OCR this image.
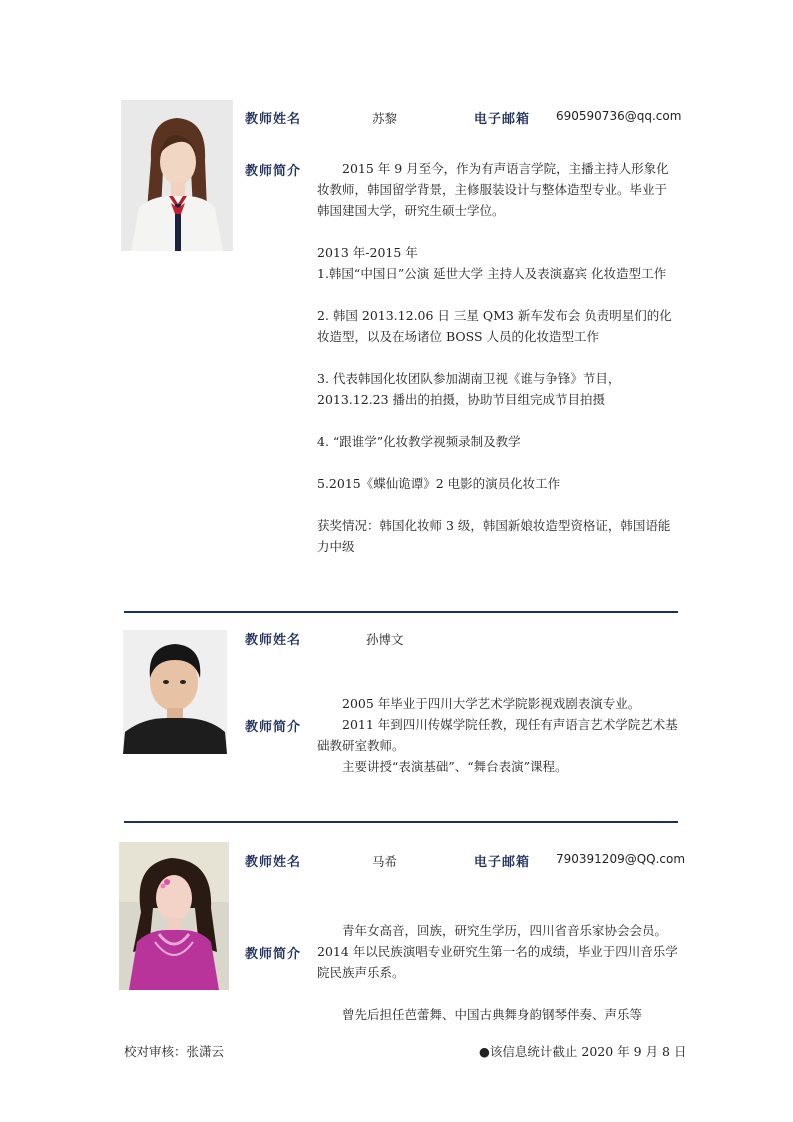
教师姓名	苏黎	电子邮箱 690590736@qq.com
教师简介	2015 年 9 月至今，作为有声语言学院，主播主持人形象化妆教师，韩国留学背景，主修服装设计与整体造型专业。毕业于韩国建国大学，研究生硕士学位。

2013 年-2015 年

1.韩国“中国日”公演 延世大学 主持人及表演嘉宾 化妆造型工作

2. 韩国 2013.12.06 日 三星 QM3 新车发布会 负责明星们的化妆造型，以及在场诸位 BOSS 人员的化妆造型工作

3. 代表韩国化妆团队参加湖南卫视《谁与争锋》节目，2013.12.23 播出的拍摄，协助节目组完成节目拍摄

4. “跟谁学”化妆教学视频录制及教学

5.2015《蝶仙诡谭》2 电影的演员化妆工作

获奖情况：韩国化妆师 3 级，韩国新娘妆造型资格证，韩国语能力中级

教师姓名	孙博文
教师简介

2005 年毕业于四川大学艺术学院影视戏剧表演专业。

2011 年到四川传媒学院任教，现任有声语言艺术学院艺术基础教研室教师。

主要讲授“表演基础”、“舞台表演”课程。

教师姓名	马希	电子邮箱 790391209@QQ.com
教师简介

青年女高音，回族，研究生学历，四川省音乐家协会会员。2014 年以民族演唱专业研究生第一名的成绩，毕业于四川音乐学院民族声乐系。

曾先后担任芭蕾舞、中国古典舞身韵钢琴伴奏、声乐等

校对审核：张潇云	●该信息统计截止 2020 年 9 月 8 日
